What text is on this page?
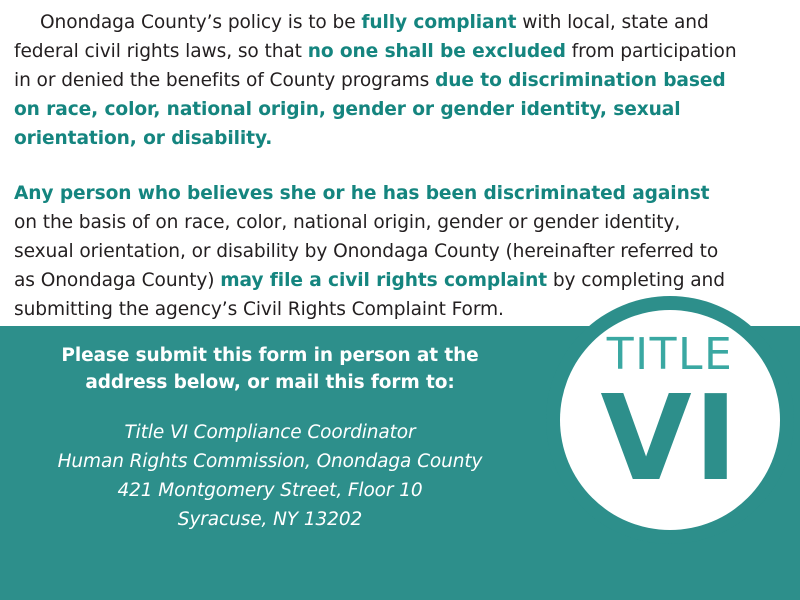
Onondaga County’s policy is to be fully compliant with local, state and federal civil rights laws, so that no one shall be excluded from participation in or denied the benefits of County programs due to discrimination based on race, color, national origin, gender or gender identity, sexual orientation, or disability.

Any person who believes she or he has been discriminated against on the basis of on race, color, national origin, gender or gender identity, sexual orientation, or disability by Onondaga County (hereinafter referred to as Onondaga County) may file a civil rights complaint by completing and submitting the agency’s Civil Rights Complaint Form.

Please submit this form in person at the
address below, or mail this form to:
Title VI Compliance Coordinator
Human Rights Commission, Onondaga County
421 Montgomery Street, Floor 10
Syracuse, NY 13202
TITLE
VI
